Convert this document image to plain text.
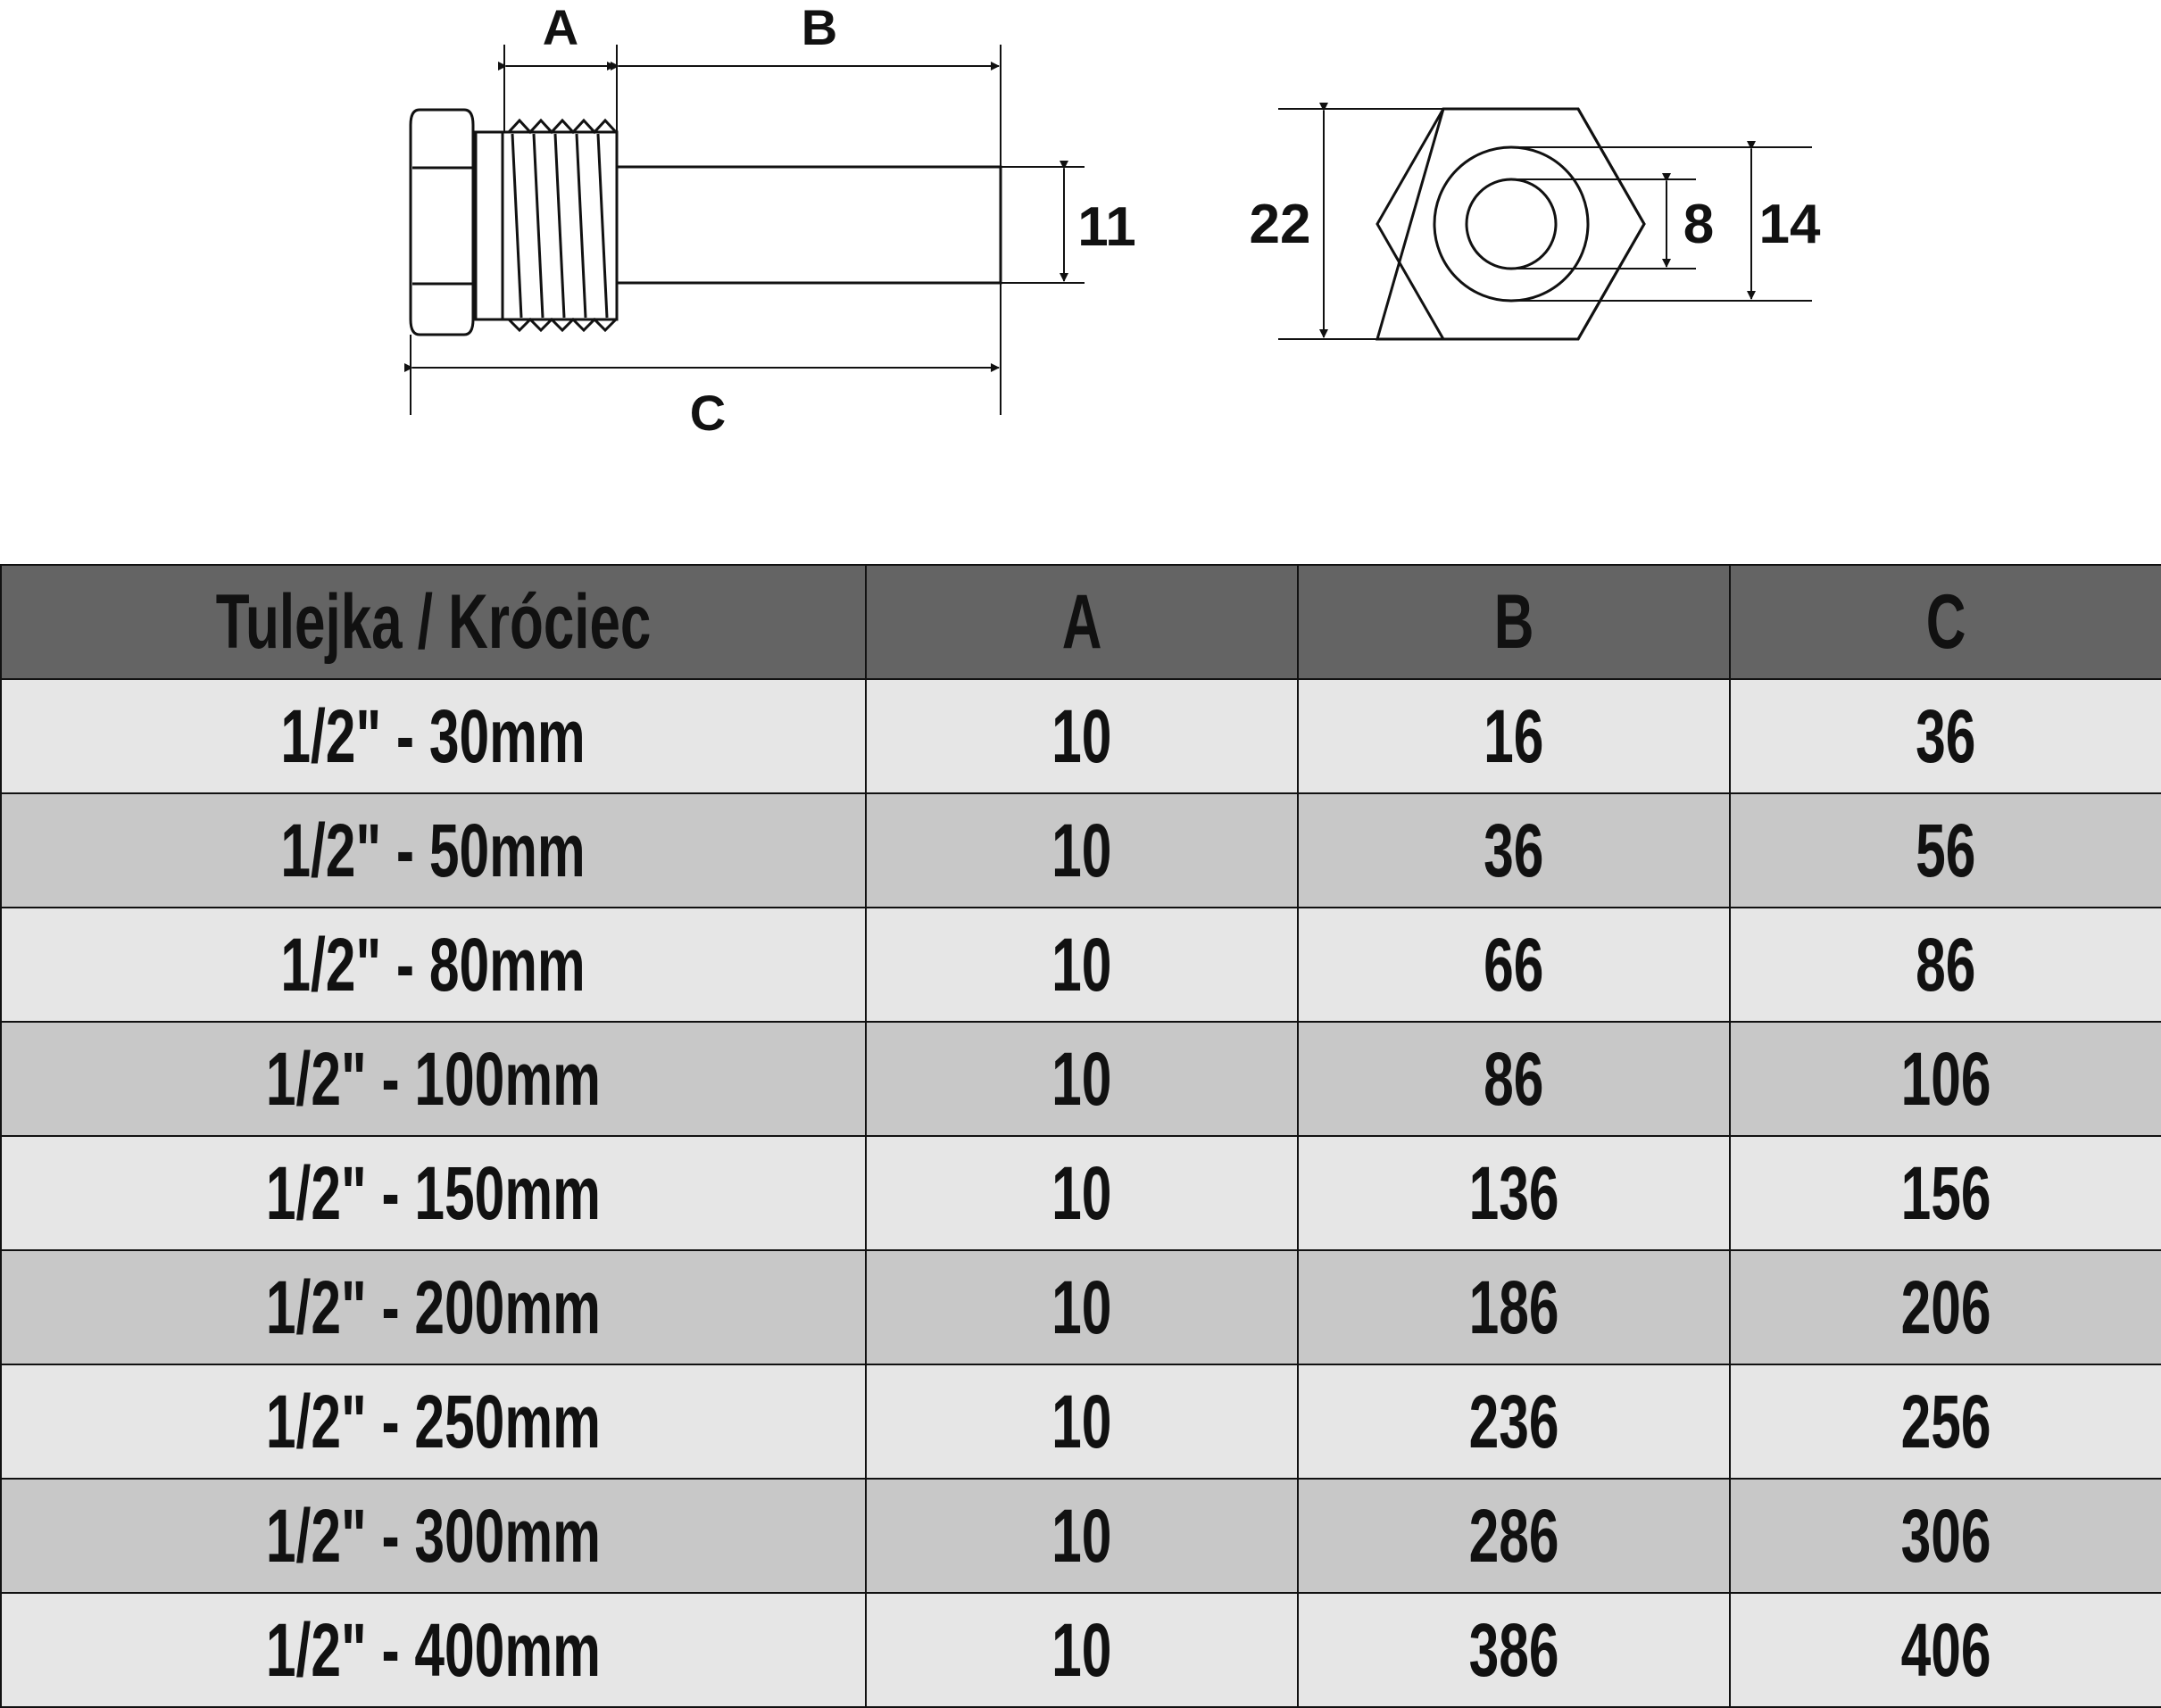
A	B
C
11 22	8 14
Tulejka / Króciec	A	B	C
1/2" - 30mm	10	16	36
1/2" - 50mm	10	36	56
1/2" - 80mm	10	66	86
1/2" - 100mm	10	86	106
1/2" - 150mm	10	136	156
1/2" - 200mm	10	186	206
1/2" - 250mm	10	236	256
1/2" - 300mm	10	286	306
1/2" - 400mm	10	386	406
